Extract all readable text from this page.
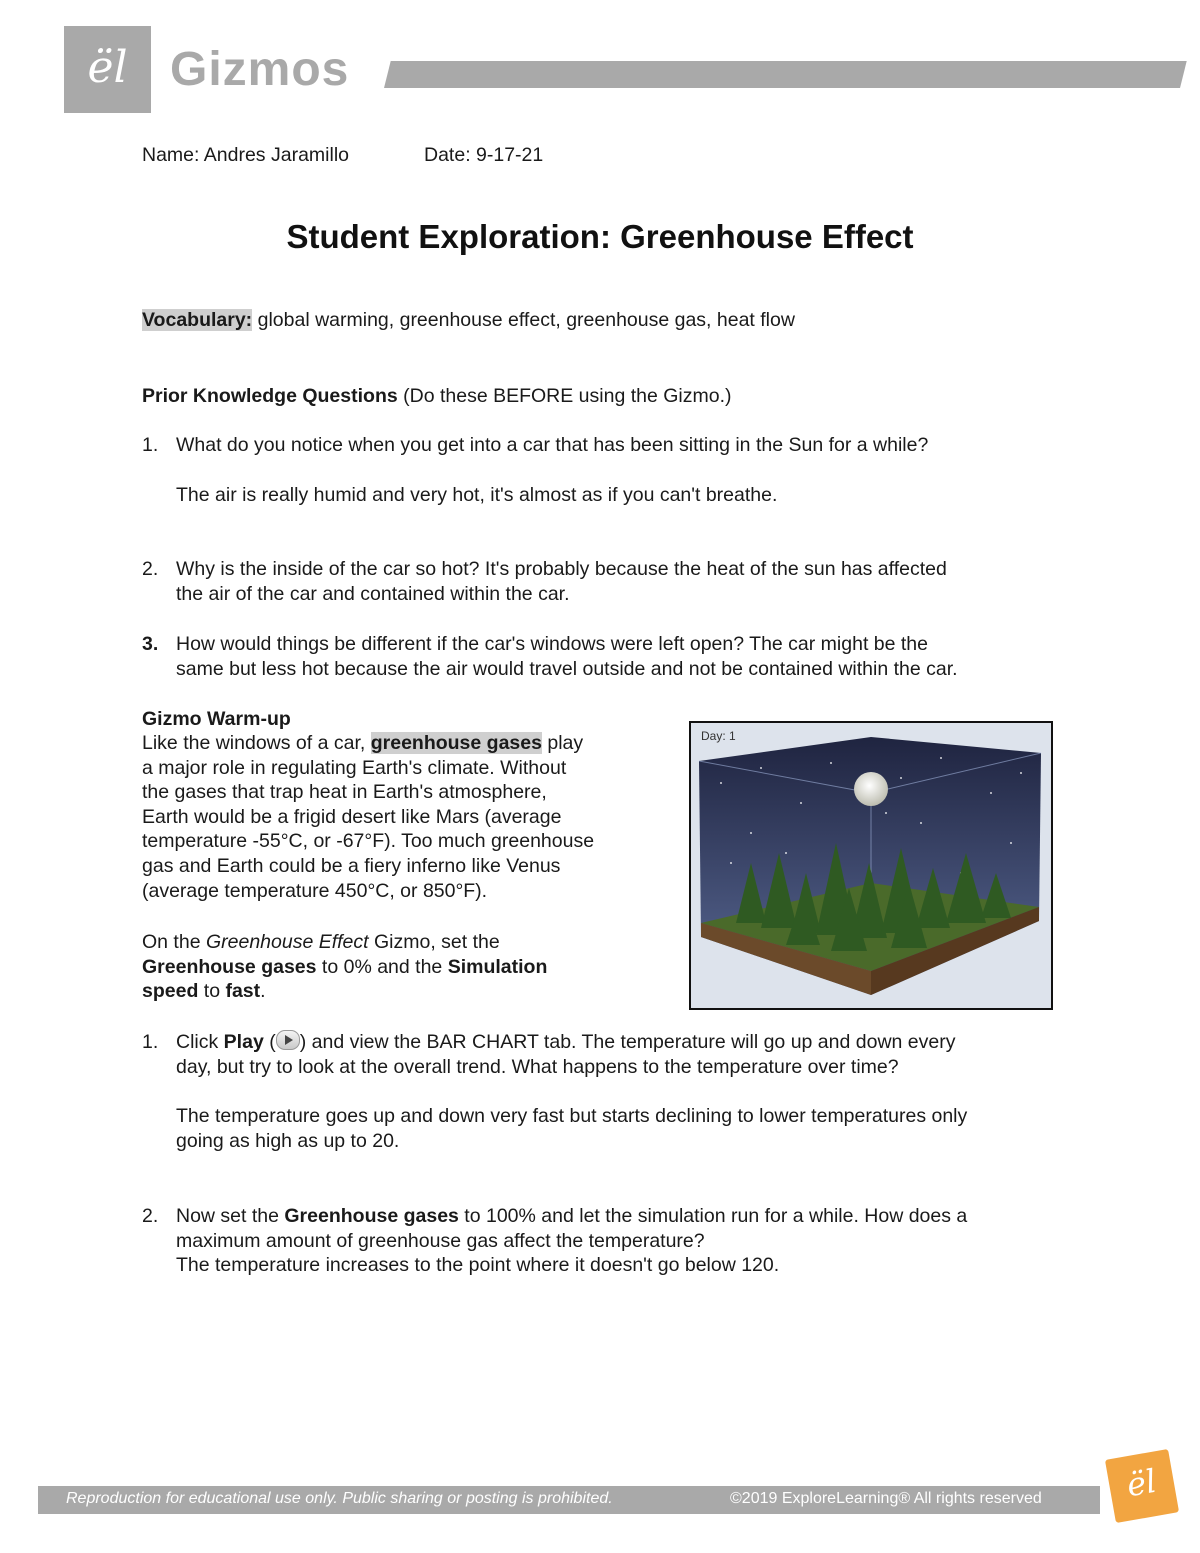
ël Gizmos
Name: Andres Jaramillo	Date: 9-17-21
Student Exploration: Greenhouse Effect
Vocabulary: global warming, greenhouse effect, greenhouse gas, heat flow
Prior Knowledge Questions (Do these BEFORE using the Gizmo.)
1. What do you notice when you get into a car that has been sitting in the Sun for a while?
The air is really humid and very hot, it's almost as if you can't breathe.
2. Why is the inside of the car so hot? It's probably because the heat of the sun has affected
the air of the car and contained within the car.
3. How would things be different if the car's windows were left open? The car might be the
same but less hot because the air would travel outside and not be contained within the car.
Gizmo Warm-up
Like the windows of a car, greenhouse gases play
a major role in regulating Earth's climate. Without
the gases that trap heat in Earth's atmosphere,
Earth would be a frigid desert like Mars (average
temperature -55°C, or -67°F). Too much greenhouse
gas and Earth could be a fiery inferno like Venus
(average temperature 450°C, or 850°F).
On the Greenhouse Effect Gizmo, set the
Greenhouse gases to 0% and the Simulation
speed to fast.
Day: 1
1. Click Play ( ) and view the BAR CHART tab. The temperature will go up and down every
day, but try to look at the overall trend. What happens to the temperature over time?
The temperature goes up and down very fast but starts declining to lower temperatures only
going as high as up to 20.
2. Now set the Greenhouse gases to 100% and let the simulation run for a while. How does a
maximum amount of greenhouse gas affect the temperature?
The temperature increases to the point where it doesn't go below 120.
Reproduction for educational use only. Public sharing or posting is prohibited.	©2019 ExploreLearning® All rights reserved	ël
